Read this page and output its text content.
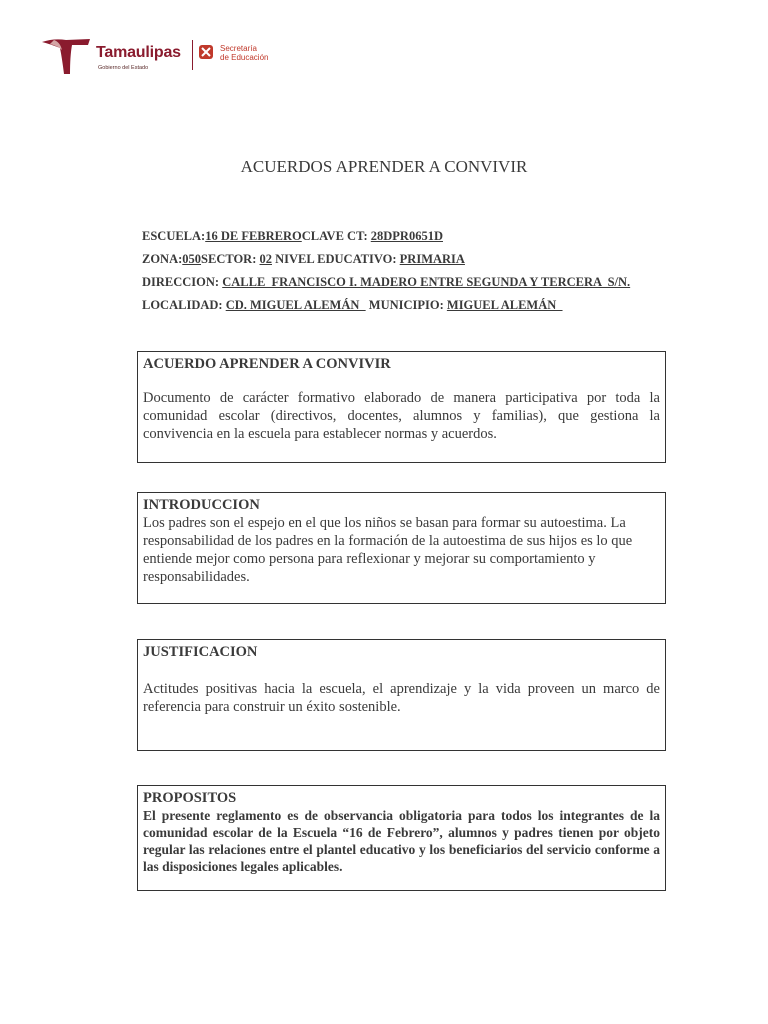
Tamaulipas
Gobierno del Estado
Secretaría
de Educación
ACUERDOS APRENDER A CONVIVIR
ESCUELA:16 DE FEBREROCLAVE CT: 28DPR0651D
ZONA:050SECTOR: 02 NIVEL EDUCATIVO: PRIMARIA
DIRECCION: CALLE  FRANCISCO I. MADERO ENTRE SEGUNDA Y TERCERA  S/N.
LOCALIDAD: CD. MIGUEL ALEMÁN   MUNICIPIO: MIGUEL ALEMÁN
ACUERDO APRENDER A CONVIVIR

Documento de carácter formativo elaborado de manera participativa por toda la comunidad escolar (directivos, docentes, alumnos y familias), que gestiona la convivencia en la escuela para establecer normas y acuerdos.

INTRODUCCION

Los padres son el espejo en el que los niños se basan para formar su autoestima. La responsabilidad de los padres en la formación de la autoestima de sus hijos es lo que entiende mejor como persona para reflexionar y mejorar su comportamiento y responsabilidades.

JUSTIFICACION

Actitudes positivas hacia la escuela, el aprendizaje y la vida proveen un marco de referencia para construir un éxito sostenible.

PROPOSITOS

El presente reglamento es de observancia obligatoria para todos los integrantes de la comunidad escolar de la Escuela “16 de Febrero”, alumnos y padres tienen por objeto regular las relaciones entre el plantel educativo y los beneficiarios del servicio conforme a las disposiciones legales aplicables.
